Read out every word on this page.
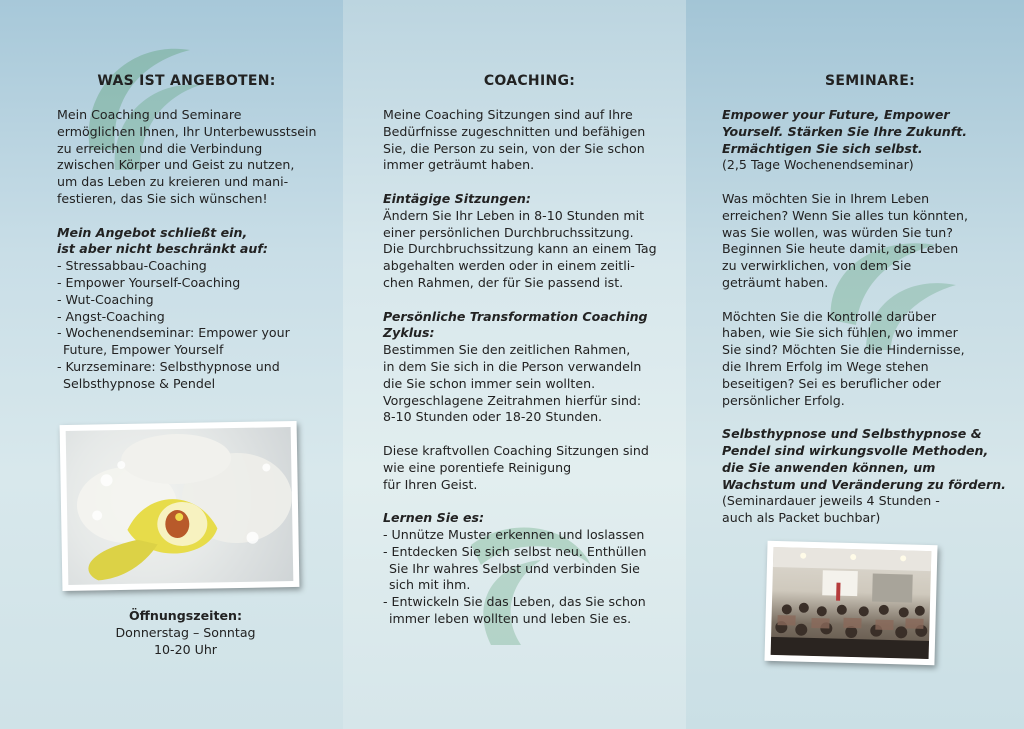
WAS IST ANGEBOTEN:
Mein Coaching und Seminare
ermöglichen Ihnen, Ihr Unterbewusstsein
zu erreichen und die Verbindung
zwischen Körper und Geist zu nutzen,
um das Leben zu kreieren und mani-
festieren, das Sie sich wünschen!
Mein Angebot schließt ein,
ist aber nicht beschränkt auf:
- Stressabbau-Coaching
- Empower Yourself-Coaching
- Wut-Coaching
- Angst-Coaching
- Wochenendseminar: Empower your
Future, Empower Yourself
- Kurzseminare: Selbsthypnose und
Selbsthypnose & Pendel
Öffnungszeiten:
Donnerstag – Sonntag
10-20 Uhr
COACHING:
Meine Coaching Sitzungen sind auf Ihre
Bedürfnisse zugeschnitten und befähigen
Sie, die Person zu sein, von der Sie schon
immer geträumt haben.
Eintägige Sitzungen:
Ändern Sie Ihr Leben in 8-10 Stunden mit
einer persönlichen Durchbruchssitzung.
Die Durchbruchssitzung kann an einem Tag
abgehalten werden oder in einem zeitli-
chen Rahmen, der für Sie passend ist.
Persönliche Transformation Coaching
Zyklus:
Bestimmen Sie den zeitlichen Rahmen,
in dem Sie sich in die Person verwandeln
die Sie schon immer sein wollten.
Vorgeschlagene Zeitrahmen hierfür sind:
8-10 Stunden oder 18-20 Stunden.
Diese kraftvollen Coaching Sitzungen sind
wie eine porentiefe Reinigung
für Ihren Geist.
Lernen Sie es:
- Unnütze Muster erkennen und loslassen
- Entdecken Sie sich selbst neu. Enthüllen
Sie Ihr wahres Selbst und verbinden Sie
sich mit ihm.
- Entwickeln Sie das Leben, das Sie schon
immer leben wollten und leben Sie es.
SEMINARE:
Empower your Future, Empower
Yourself. Stärken Sie Ihre Zukunft.
Ermächtigen Sie sich selbst.
(2,5 Tage Wochenendseminar)
Was möchten Sie in Ihrem Leben
erreichen? Wenn Sie alles tun könnten,
was Sie wollen, was würden Sie tun?
Beginnen Sie heute damit, das Leben
zu verwirklichen, von dem Sie
geträumt haben.
Möchten Sie die Kontrolle darüber
haben, wie Sie sich fühlen, wo immer
Sie sind? Möchten Sie die Hindernisse,
die Ihrem Erfolg im Wege stehen
beseitigen? Sei es beruflicher oder
persönlicher Erfolg.
Selbsthypnose und Selbsthypnose &
Pendel sind wirkungsvolle Methoden,
die Sie anwenden können, um
Wachstum und Veränderung zu fördern.
(Seminardauer jeweils 4 Stunden -
auch als Packet buchbar)
